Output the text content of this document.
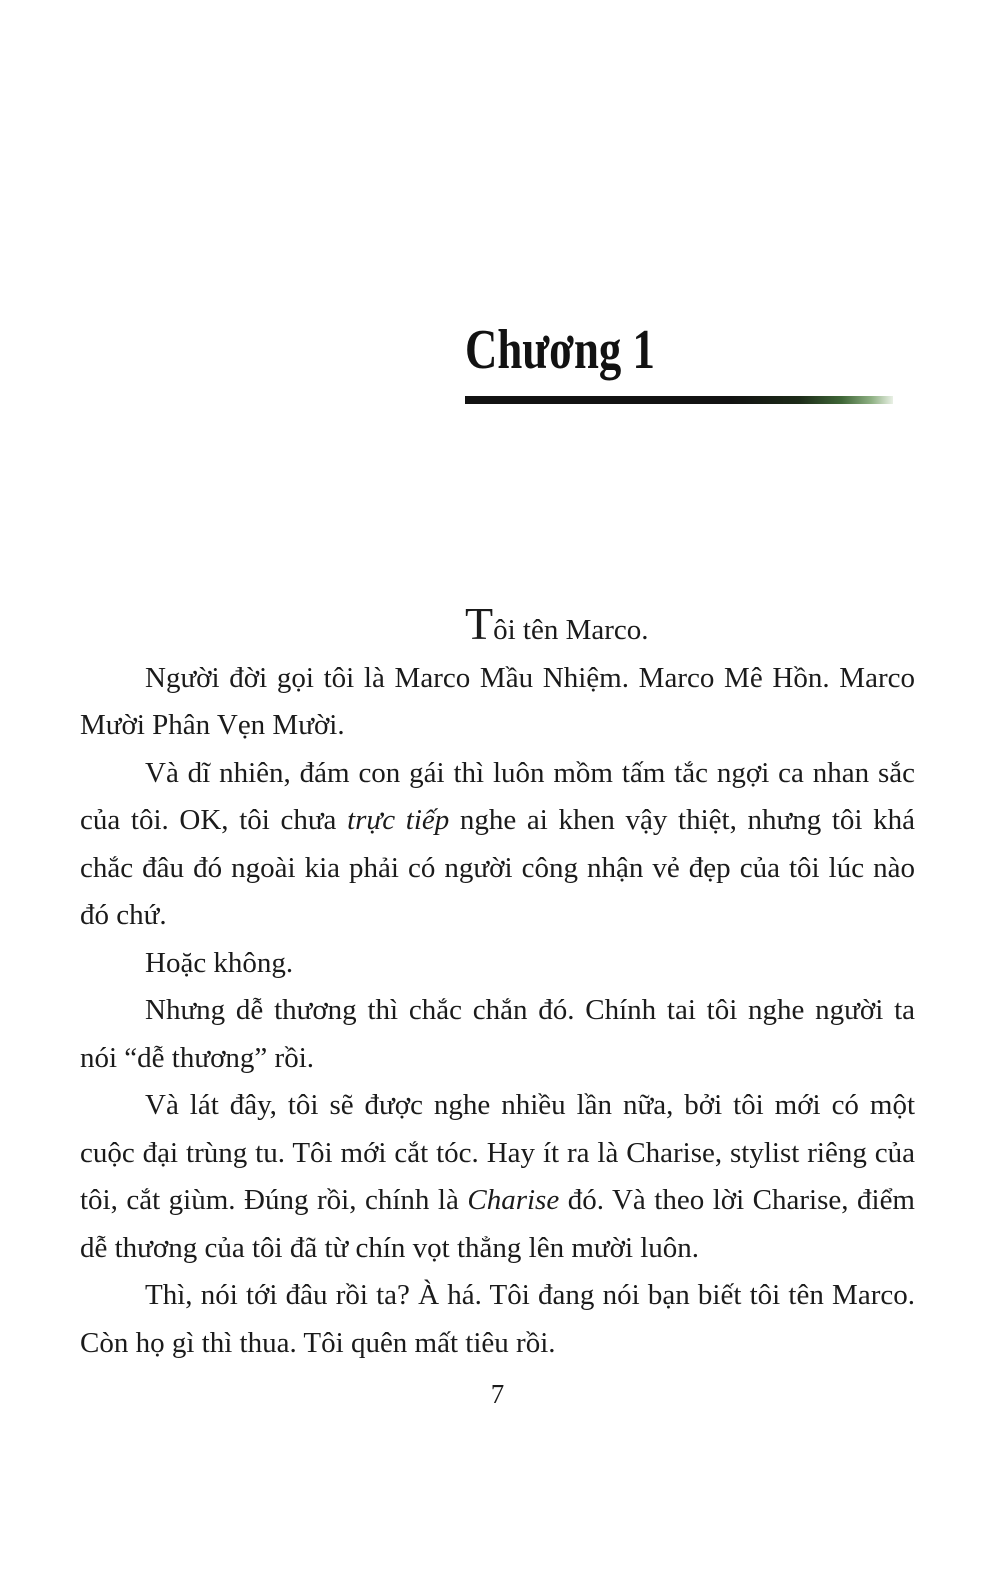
Chương 1

Tôi tên Marco.

Người đời gọi tôi là Marco Mầu Nhiệm. Marco Mê Hồn. Marco Mười Phân Vẹn Mười.

Và dĩ nhiên, đám con gái thì luôn mồm tấm tắc ngợi ca nhan sắc của tôi. OK, tôi chưa trực tiếp nghe ai khen vậy thiệt, nhưng tôi khá chắc đâu đó ngoài kia phải có người công nhận vẻ đẹp của tôi lúc nào đó chứ.

Hoặc không.

Nhưng dễ thương thì chắc chắn đó. Chính tai tôi nghe người ta nói “dễ thương” rồi.

Và lát đây, tôi sẽ được nghe nhiều lần nữa, bởi tôi mới có một cuộc đại trùng tu. Tôi mới cắt tóc. Hay ít ra là Charise, stylist riêng của tôi, cắt giùm. Đúng rồi, chính là Charise đó. Và theo lời Charise, điểm dễ thương của tôi đã từ chín vọt thẳng lên mười luôn.

Thì, nói tới đâu rồi ta? À há. Tôi đang nói bạn biết tôi tên Marco. Còn họ gì thì thua. Tôi quên mất tiêu rồi.

7
